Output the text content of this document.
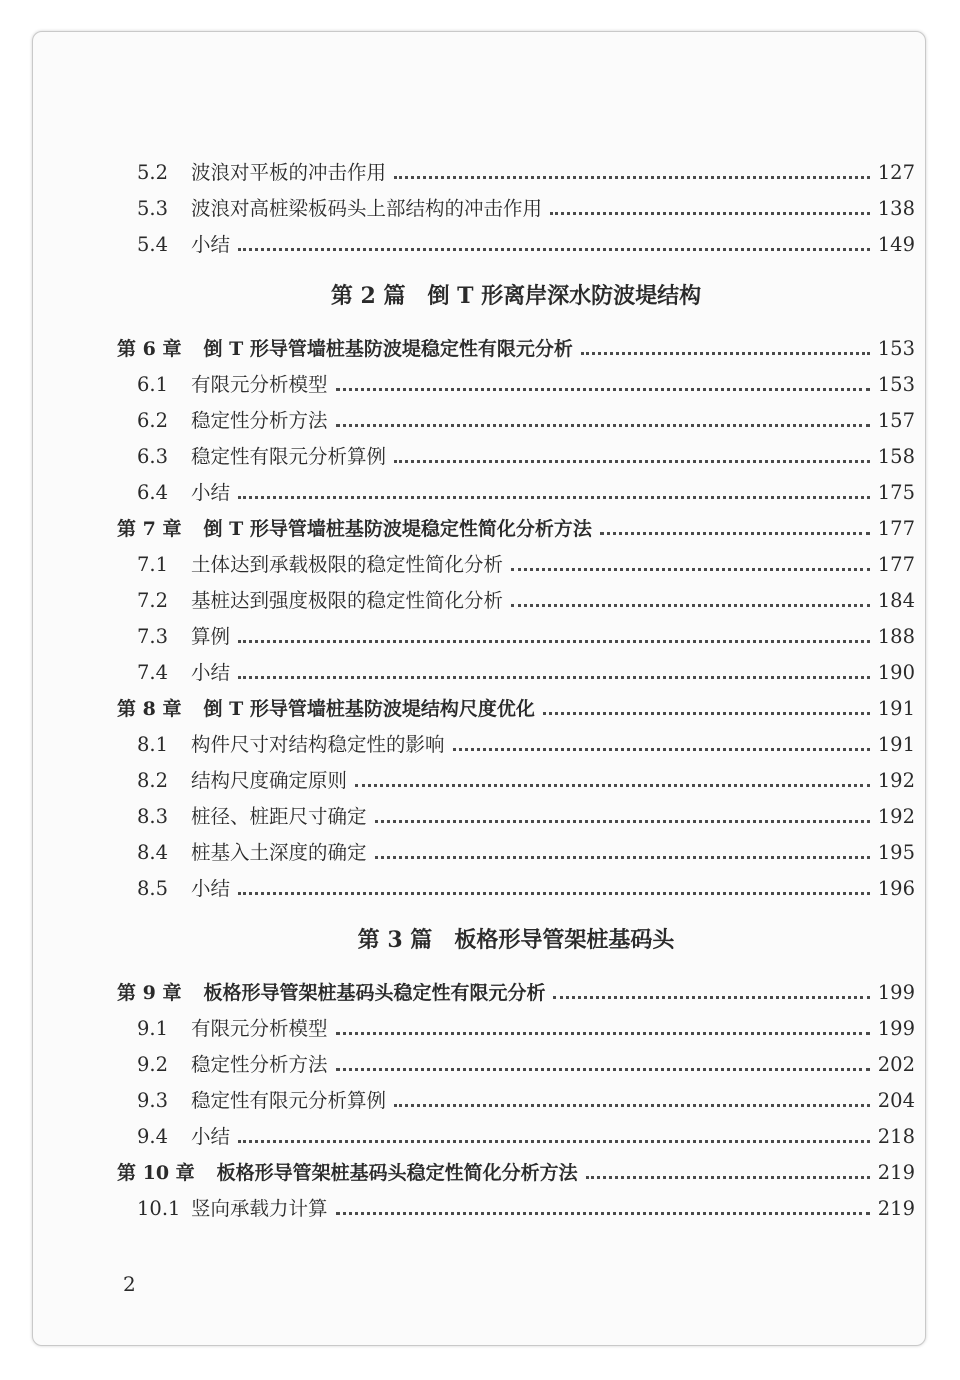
5.2 波浪对平板的冲击作用	127
5.3 波浪对高桩梁板码头上部结构的冲击作用	138
5.4 小结	149
第 2 篇 倒 T 形离岸深水防波堤结构
第 6 章 倒 T 形导管墙桩基防波堤稳定性有限元分析	153
6.1 有限元分析模型	153
6.2 稳定性分析方法	157
6.3 稳定性有限元分析算例	158
6.4 小结	175
第 7 章 倒 T 形导管墙桩基防波堤稳定性简化分析方法	177
7.1 土体达到承载极限的稳定性简化分析	177
7.2 基桩达到强度极限的稳定性简化分析	184
7.3 算例	188
7.4 小结	190
第 8 章 倒 T 形导管墙桩基防波堤结构尺度优化	191
8.1 构件尺寸对结构稳定性的影响	191
8.2 结构尺度确定原则	192
8.3 桩径、桩距尺寸确定	192
8.4 桩基入土深度的确定	195
8.5 小结	196
第 3 篇 板格形导管架桩基码头
第 9 章 板格形导管架桩基码头稳定性有限元分析	199
9.1 有限元分析模型	199
9.2 稳定性分析方法	202
9.3 稳定性有限元分析算例	204
9.4 小结	218
第 10 章 板格形导管架桩基码头稳定性简化分析方法	219
10.1 竖向承载力计算	219
2
